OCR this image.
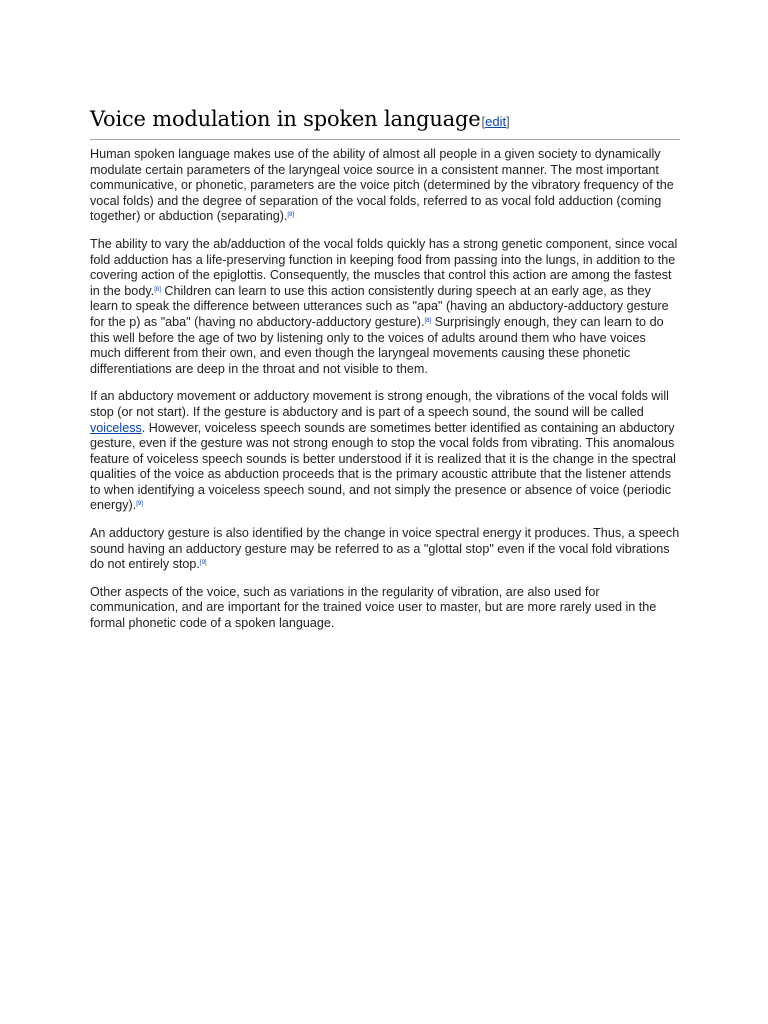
Voice modulation in spoken language[edit]

Human spoken language makes use of the ability of almost all people in a given society to dynamically modulate certain parameters of the laryngeal voice source in a consistent manner. The most important communicative, or phonetic, parameters are the voice pitch (determined by the vibratory frequency of the vocal folds) and the degree of separation of the vocal folds, referred to as vocal fold adduction (coming together) or abduction (separating).[8]

The ability to vary the ab/adduction of the vocal folds quickly has a strong genetic component, since vocal fold adduction has a life-preserving function in keeping food from passing into the lungs, in addition to the covering action of the epiglottis. Consequently, the muscles that control this action are among the fastest in the body.[8] Children can learn to use this action consistently during speech at an early age, as they learn to speak the difference between utterances such as "apa" (having an abductory-adductory gesture for the p) as "aba" (having no abductory-adductory gesture).[8] Surprisingly enough, they can learn to do this well before the age of two by listening only to the voices of adults around them who have voices much different from their own, and even though the laryngeal movements causing these phonetic differentiations are deep in the throat and not visible to them.

If an abductory movement or adductory movement is strong enough, the vibrations of the vocal folds will stop (or not start). If the gesture is abductory and is part of a speech sound, the sound will be called voiceless. However, voiceless speech sounds are sometimes better identified as containing an abductory gesture, even if the gesture was not strong enough to stop the vocal folds from vibrating. This anomalous feature of voiceless speech sounds is better understood if it is realized that it is the change in the spectral qualities of the voice as abduction proceeds that is the primary acoustic attribute that the listener attends to when identifying a voiceless speech sound, and not simply the presence or absence of voice (periodic energy).[9]

An adductory gesture is also identified by the change in voice spectral energy it produces. Thus, a speech sound having an adductory gesture may be referred to as a "glottal stop" even if the vocal fold vibrations do not entirely stop.[9]

Other aspects of the voice, such as variations in the regularity of vibration, are also used for communication, and are important for the trained voice user to master, but are more rarely used in the formal phonetic code of a spoken language.
